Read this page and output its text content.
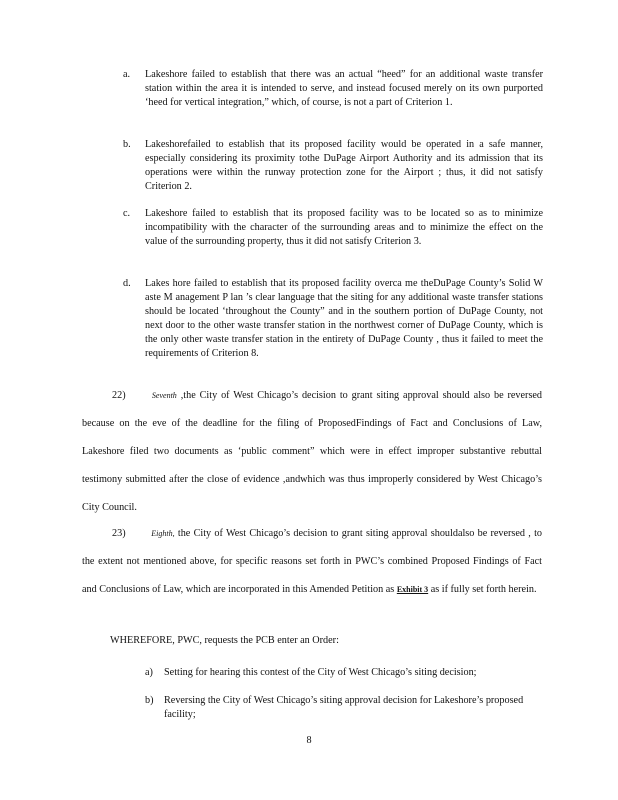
a.	Lakeshore failed to establish that there was an actual “heed” for an additional waste transfer station within the area it is intended to serve, and instead focused merely on its own purported ‘heed for vertical integration,” which, of course, is not a part of Criterion 1.
b.	Lakeshorefailed to establish that its proposed facility would be operated in a safe manner, especially considering its proximity tothe DuPage Airport Authority and its admission that its operations were within the runway protection zone for the Airport ; thus, it did not satisfy Criterion 2.
c.	Lakeshore failed to establish that its proposed facility was to be located so as to minimize incompatibility with the character of the surrounding areas and to minimize the effect on the value of the surrounding property, thus it did not satisfy Criterion 3.
d.	Lakes hore failed to establish that its proposed facility overca me theDuPage County’s Solid W aste M anagement P lan ’s clear language that the siting for any additional waste transfer stations should be located ‘throughout the County” and in the southern portion of DuPage County, not next door to the other waste transfer station in the northwest corner of DuPage County, which is the only other waste transfer station in the entirety of DuPage County , thus it failed to meet the requirements of Criterion 8.
22)	Seventh ,the City of West Chicago’s decision to grant siting approval should also be reversed because on the eve of the deadline for the filing of ProposedFindings of Fact and Conclusions of Law, Lakeshore filed two documents as ‘public comment” which were in effect improper substantive rebuttal testimony submitted after the close of evidence ,andwhich was thus improperly considered by West Chicago’s City Council.
23)	Eighth, the City of West Chicago’s decision to grant siting approval shouldalso be reversed , to the extent not mentioned above, for specific reasons set forth in PWC’s combined Proposed Findings of Fact and Conclusions of Law, which are incorporated in this Amended Petition as Exhibit 3 as if fully set forth herein.
WHEREFORE, PWC, requests the PCB enter an Order:
a)	Setting for hearing this contest of the City of West Chicago’s siting decision;
b)	Reversing the City of West Chicago’s siting approval decision for Lakeshore’s proposed facility;
8
